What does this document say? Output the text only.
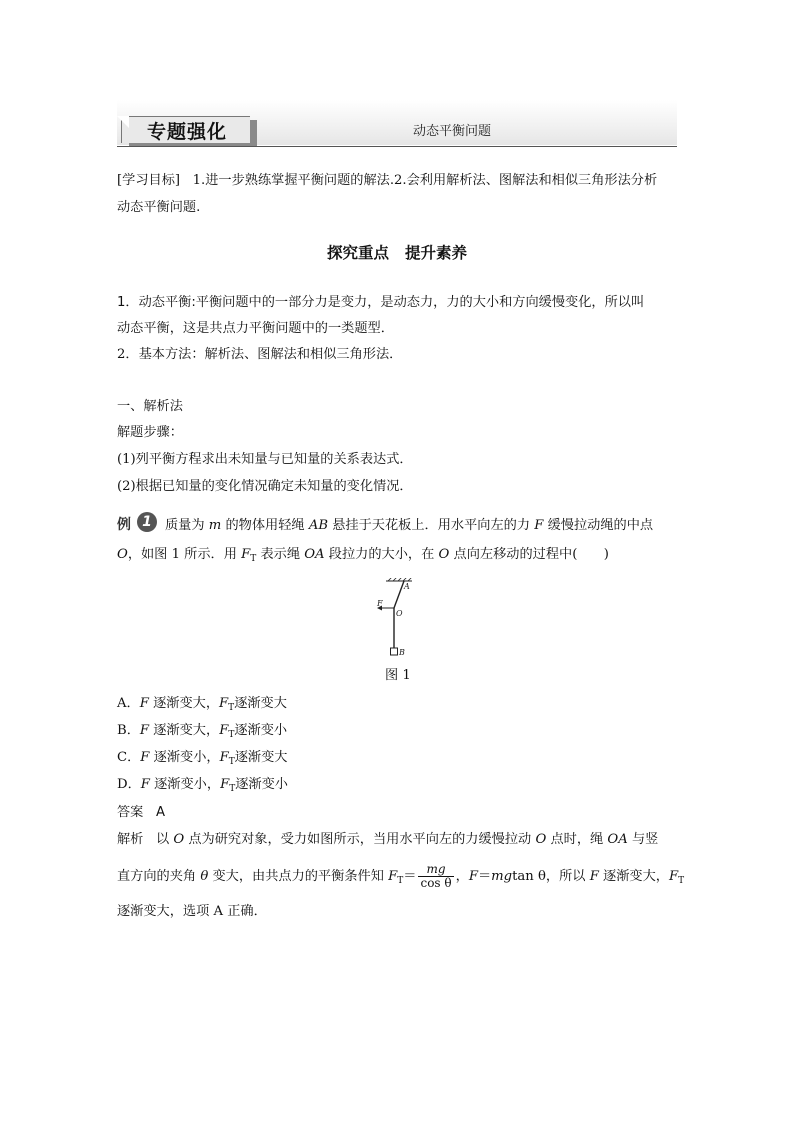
专题强化	动态平衡问题
[学习目标] 1.进一步熟练掌握平衡问题的解法.2.会利用解析法、图解法和相似三角形法分析
动态平衡问题.
探究重点 提升素养
1．动态平衡:平衡问题中的一部分力是变力，是动态力，力的大小和方向缓慢变化，所以叫
动态平衡，这是共点力平衡问题中的一类题型．
2．基本方法：解析法、图解法和相似三角形法．
一、解析法
解题步骤：
(1)列平衡方程求出未知量与已知量的关系表达式．
(2)根据已知量的变化情况确定未知量的变化情况．
例 1 质量为 m 的物体用轻绳 AB 悬挂于天花板上．用水平向左的力 F 缓慢拉动绳的中点
O，如图 1 所示．用 $F_T$ 表示绳 OA 段拉力的大小，在 O 点向左移动的过程中(　　)
A
F
O
B
图 1
A．F 逐渐变大，$F_T$逐渐变大
B．F 逐渐变大，$F_T$逐渐变小
C．F 逐渐变小，$F_T$逐渐变大
D．F 逐渐变小，$F_T$逐渐变小
答案 A
解析 以 O 点为研究对象，受力如图所示，当用水平向左的力缓慢拉动 O 点时，绳 OA 与竖
直方向的夹角 θ 变大，由共点力的平衡条件知 $F_T= \frac{mg}{\text{cos θ}}$ ，F＝mgtan θ，所以 F 逐渐变大，$F_T$
逐渐变大，选项 A 正确．
